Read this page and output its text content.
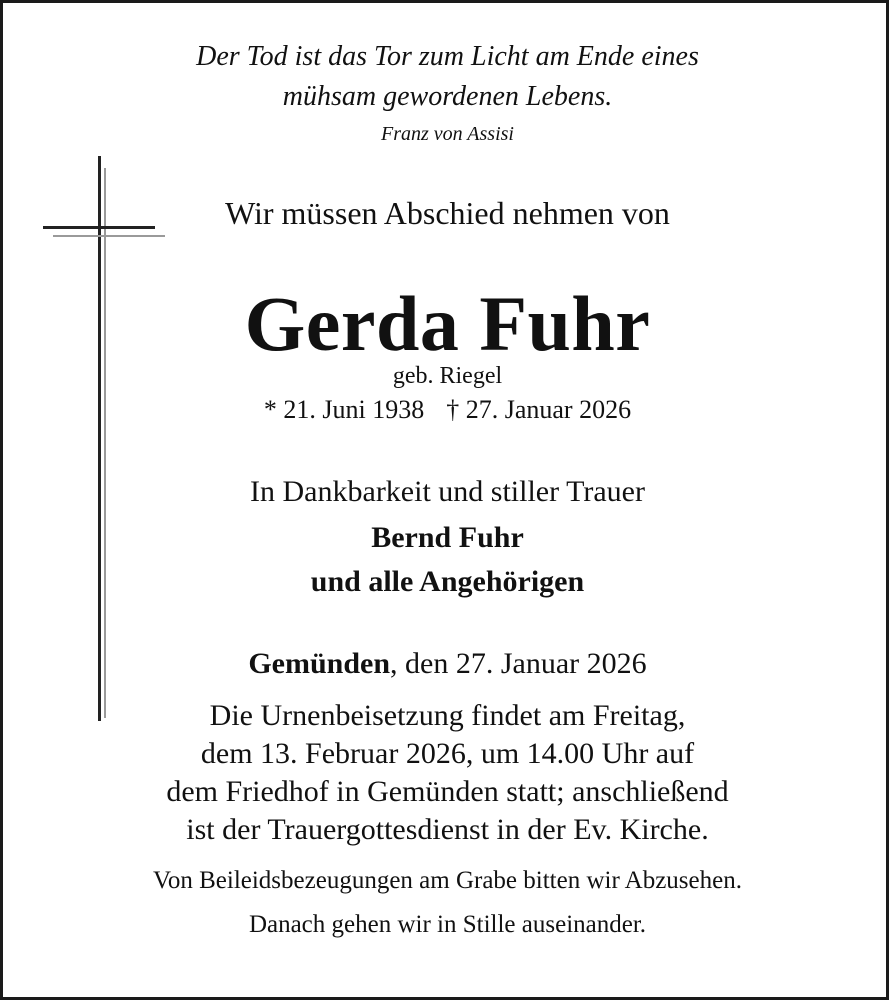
Der Tod ist das Tor zum Licht am Ende eines
mühsam gewordenen Lebens.
Franz von Assisi
Wir müssen Abschied nehmen von
Gerda Fuhr
geb. Riegel
* 21. Juni 1938 † 27. Januar 2026
In Dankbarkeit und stiller Trauer
Bernd Fuhr
und alle Angehörigen
Gemünden, den 27. Januar 2026
Die Urnenbeisetzung findet am Freitag,
dem 13. Februar 2026, um 14.00 Uhr auf
dem Friedhof in Gemünden statt; anschließend
ist der Trauergottesdienst in der Ev. Kirche.
Von Beileidsbezeugungen am Grabe bitten wir Abzusehen.
Danach gehen wir in Stille auseinander.
